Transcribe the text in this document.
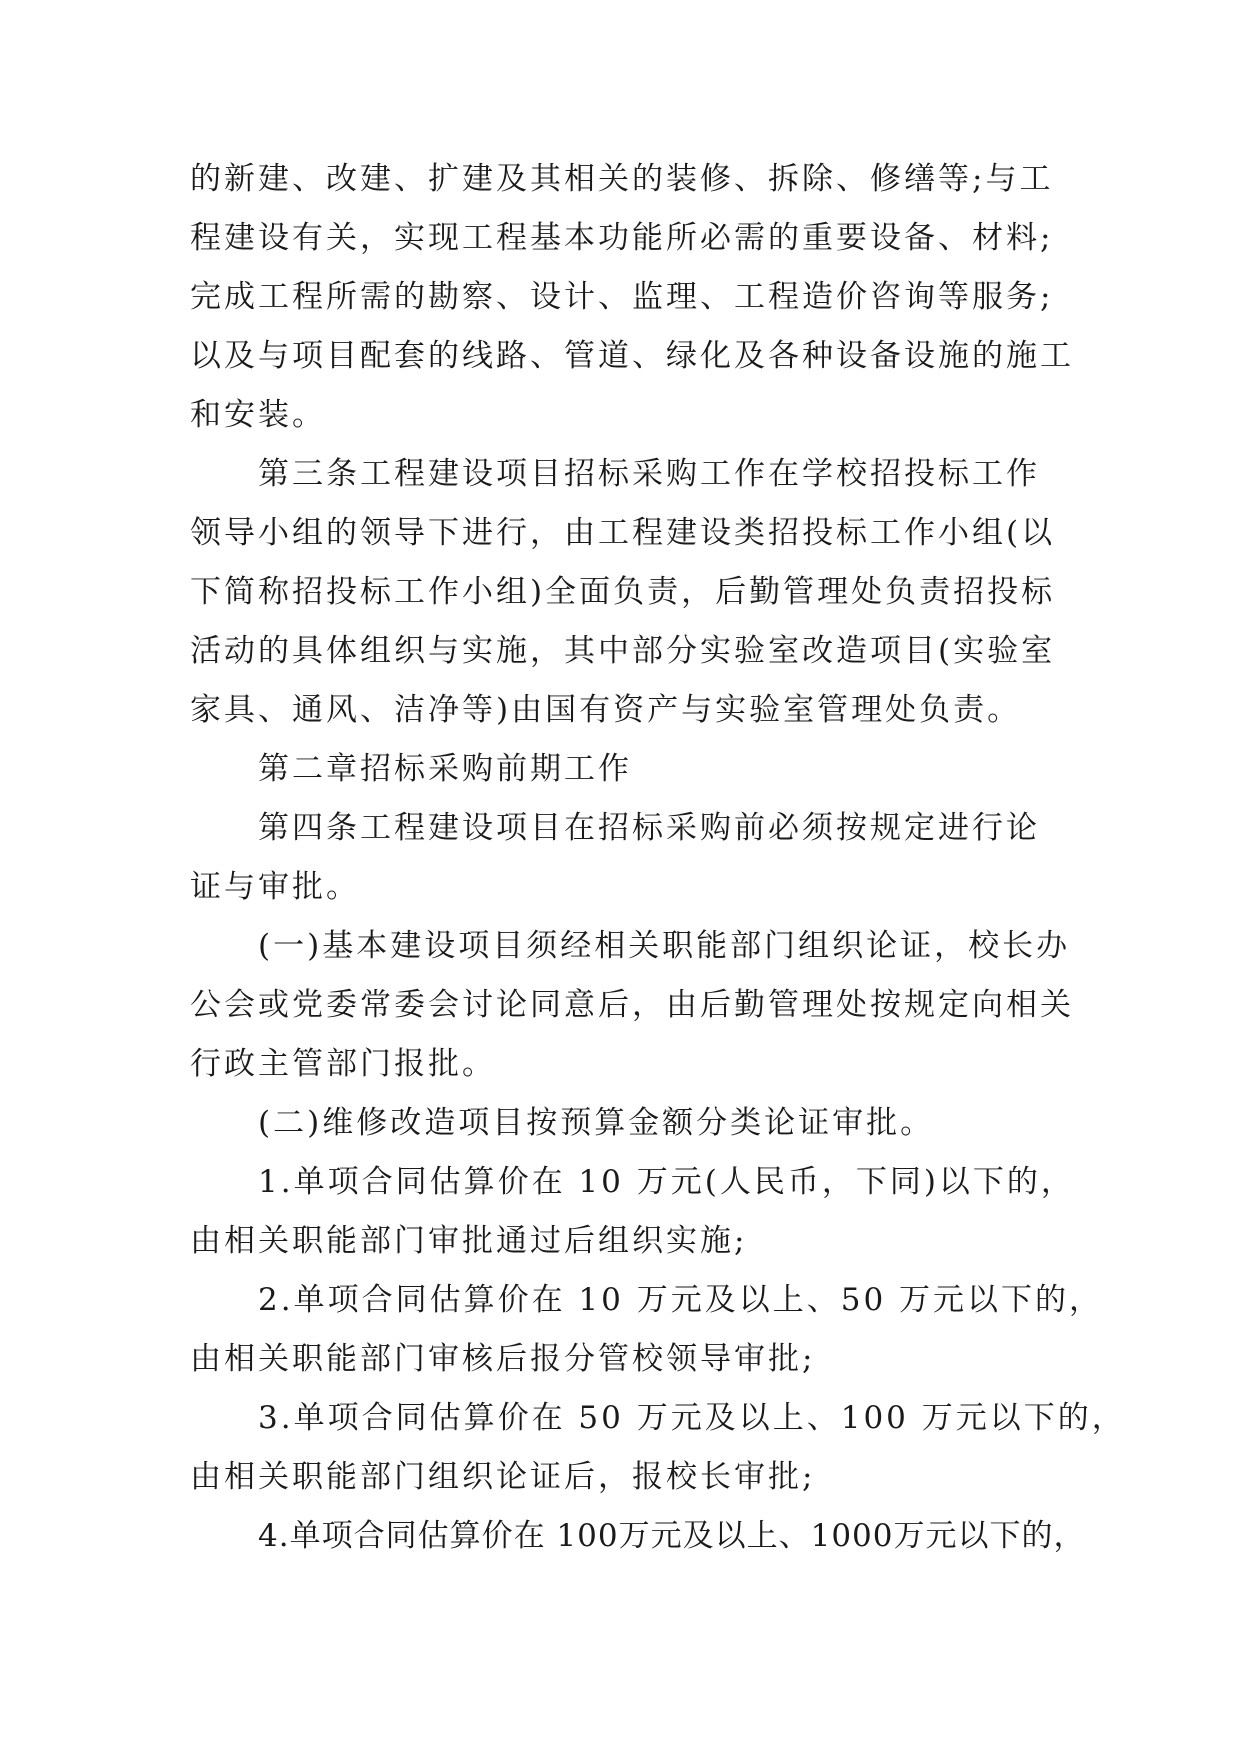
的新建、改建、扩建及其相关的装修、拆除、修缮等;与工
程建设有关，实现工程基本功能所必需的重要设备、材料;
完成工程所需的勘察、设计、监理、工程造价咨询等服务;
以及与项目配套的线路、管道、绿化及各种设备设施的施工
和安装。
第三条工程建设项目招标采购工作在学校招投标工作
领导小组的领导下进行，由工程建设类招投标工作小组(以
下简称招投标工作小组)全面负责，后勤管理处负责招投标
活动的具体组织与实施，其中部分实验室改造项目(实验室
家具、通风、洁净等)由国有资产与实验室管理处负责。
第二章招标采购前期工作
第四条工程建设项目在招标采购前必须按规定进行论
证与审批。
(一)基本建设项目须经相关职能部门组织论证，校长办
公会或党委常委会讨论同意后，由后勤管理处按规定向相关
行政主管部门报批。
(二)维修改造项目按预算金额分类论证审批。
1.单项合同估算价在 10 万元(人民币，下同)以下的，
由相关职能部门审批通过后组织实施;
2.单项合同估算价在 10 万元及以上、50 万元以下的，
由相关职能部门审核后报分管校领导审批;
3.单项合同估算价在 50 万元及以上、100 万元以下的，
由相关职能部门组织论证后，报校长审批;
4.单项合同估算价在 100万元及以上、1000万元以下的，
